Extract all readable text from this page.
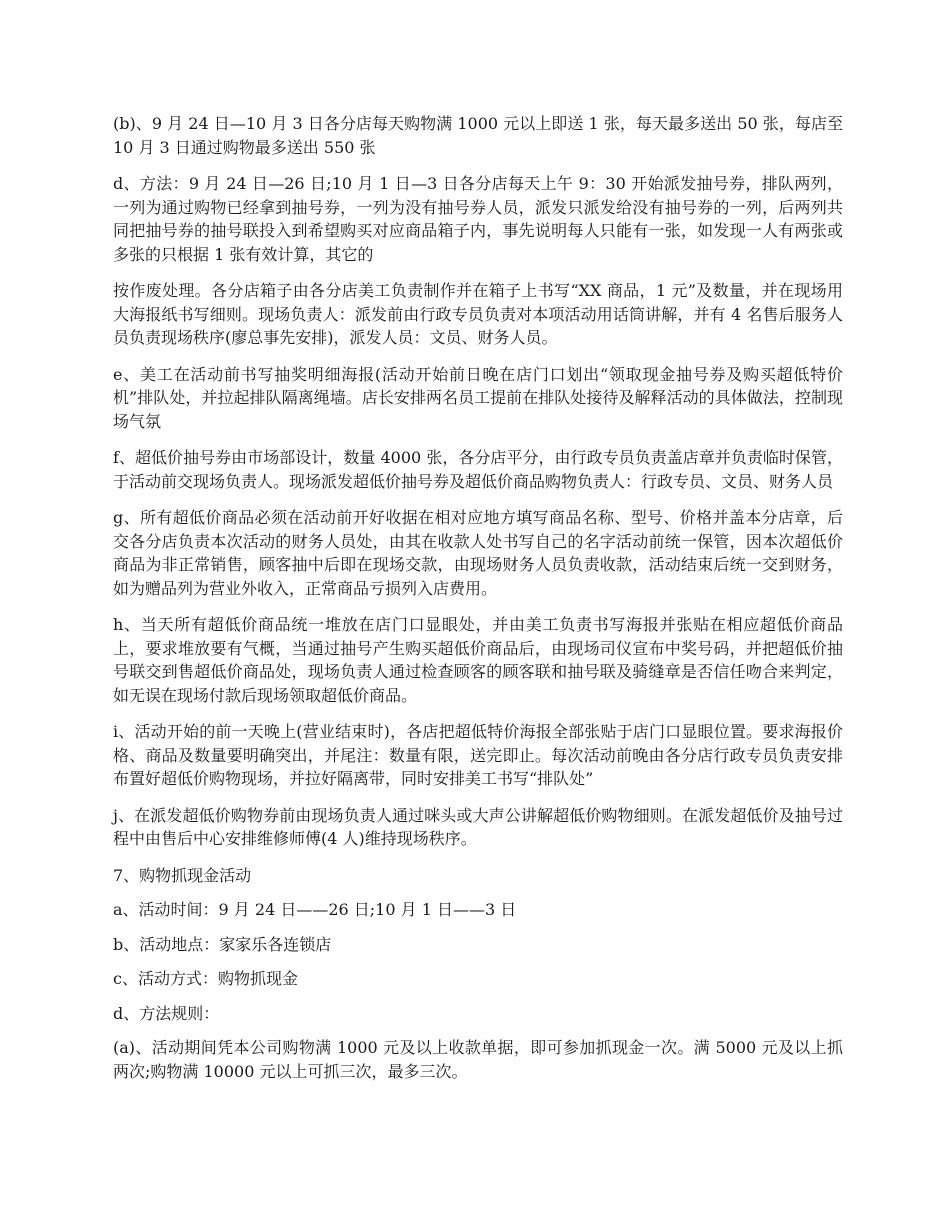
(b)、9 月 24 日—10 月 3 日各分店每天购物满 1000 元以上即送 1 张，每天最多送出 50 张，每店至 10 月 3 日通过购物最多送出 550 张

d、方法：9 月 24 日—26 日;10 月 1 日—3 日各分店每天上午 9：30 开始派发抽号券，排队两列，一列为通过购物已经拿到抽号券，一列为没有抽号券人员，派发只派发给没有抽号券的一列，后两列共同把抽号券的抽号联投入到希望购买对应商品箱子内，事先说明每人只能有一张，如发现一人有两张或多张的只根据 1 张有效计算，其它的

按作废处理。各分店箱子由各分店美工负责制作并在箱子上书写“XX 商品，1 元”及数量，并在现场用大海报纸书写细则。现场负责人：派发前由行政专员负责对本项活动用话筒讲解，并有 4 名售后服务人员负责现场秩序(廖总事先安排)，派发人员：文员、财务人员。

e、美工在活动前书写抽奖明细海报(活动开始前日晚在店门口划出“领取现金抽号券及购买超低特价机”排队处，并拉起排队隔离绳墙。店长安排两名员工提前在排队处接待及解释活动的具体做法，控制现场气氛

f、超低价抽号券由市场部设计，数量 4000 张，各分店平分，由行政专员负责盖店章并负责临时保管，于活动前交现场负责人。现场派发超低价抽号券及超低价商品购物负责人：行政专员、文员、财务人员

g、所有超低价商品必须在活动前开好收据在相对应地方填写商品名称、型号、价格并盖本分店章，后交各分店负责本次活动的财务人员处，由其在收款人处书写自己的名字活动前统一保管，因本次超低价商品为非正常销售，顾客抽中后即在现场交款，由现场财务人员负责收款，活动结束后统一交到财务，如为赠品列为营业外收入，正常商品亏损列入店费用。

h、当天所有超低价商品统一堆放在店门口显眼处，并由美工负责书写海报并张贴在相应超低价商品上，要求堆放要有气概，当通过抽号产生购买超低价商品后，由现场司仪宣布中奖号码，并把超低价抽号联交到售超低价商品处，现场负责人通过检查顾客的顾客联和抽号联及骑缝章是否信任吻合来判定，如无误在现场付款后现场领取超低价商品。

i、活动开始的前一天晚上(营业结束时)，各店把超低特价海报全部张贴于店门口显眼位置。要求海报价格、商品及数量要明确突出，并尾注：数量有限，送完即止。每次活动前晚由各分店行政专员负责安排布置好超低价购物现场，并拉好隔离带，同时安排美工书写“排队处”

j、在派发超低价购物券前由现场负责人通过咪头或大声公讲解超低价购物细则。在派发超低价及抽号过程中由售后中心安排维修师傅(4 人)维持现场秩序。

7、购物抓现金活动

a、活动时间：9 月 24 日——26 日;10 月 1 日——3 日

b、活动地点：家家乐各连锁店

c、活动方式：购物抓现金

d、方法规则：

(a)、活动期间凭本公司购物满 1000 元及以上收款单据，即可参加抓现金一次。满 5000 元及以上抓两次;购物满 10000 元以上可抓三次，最多三次。
